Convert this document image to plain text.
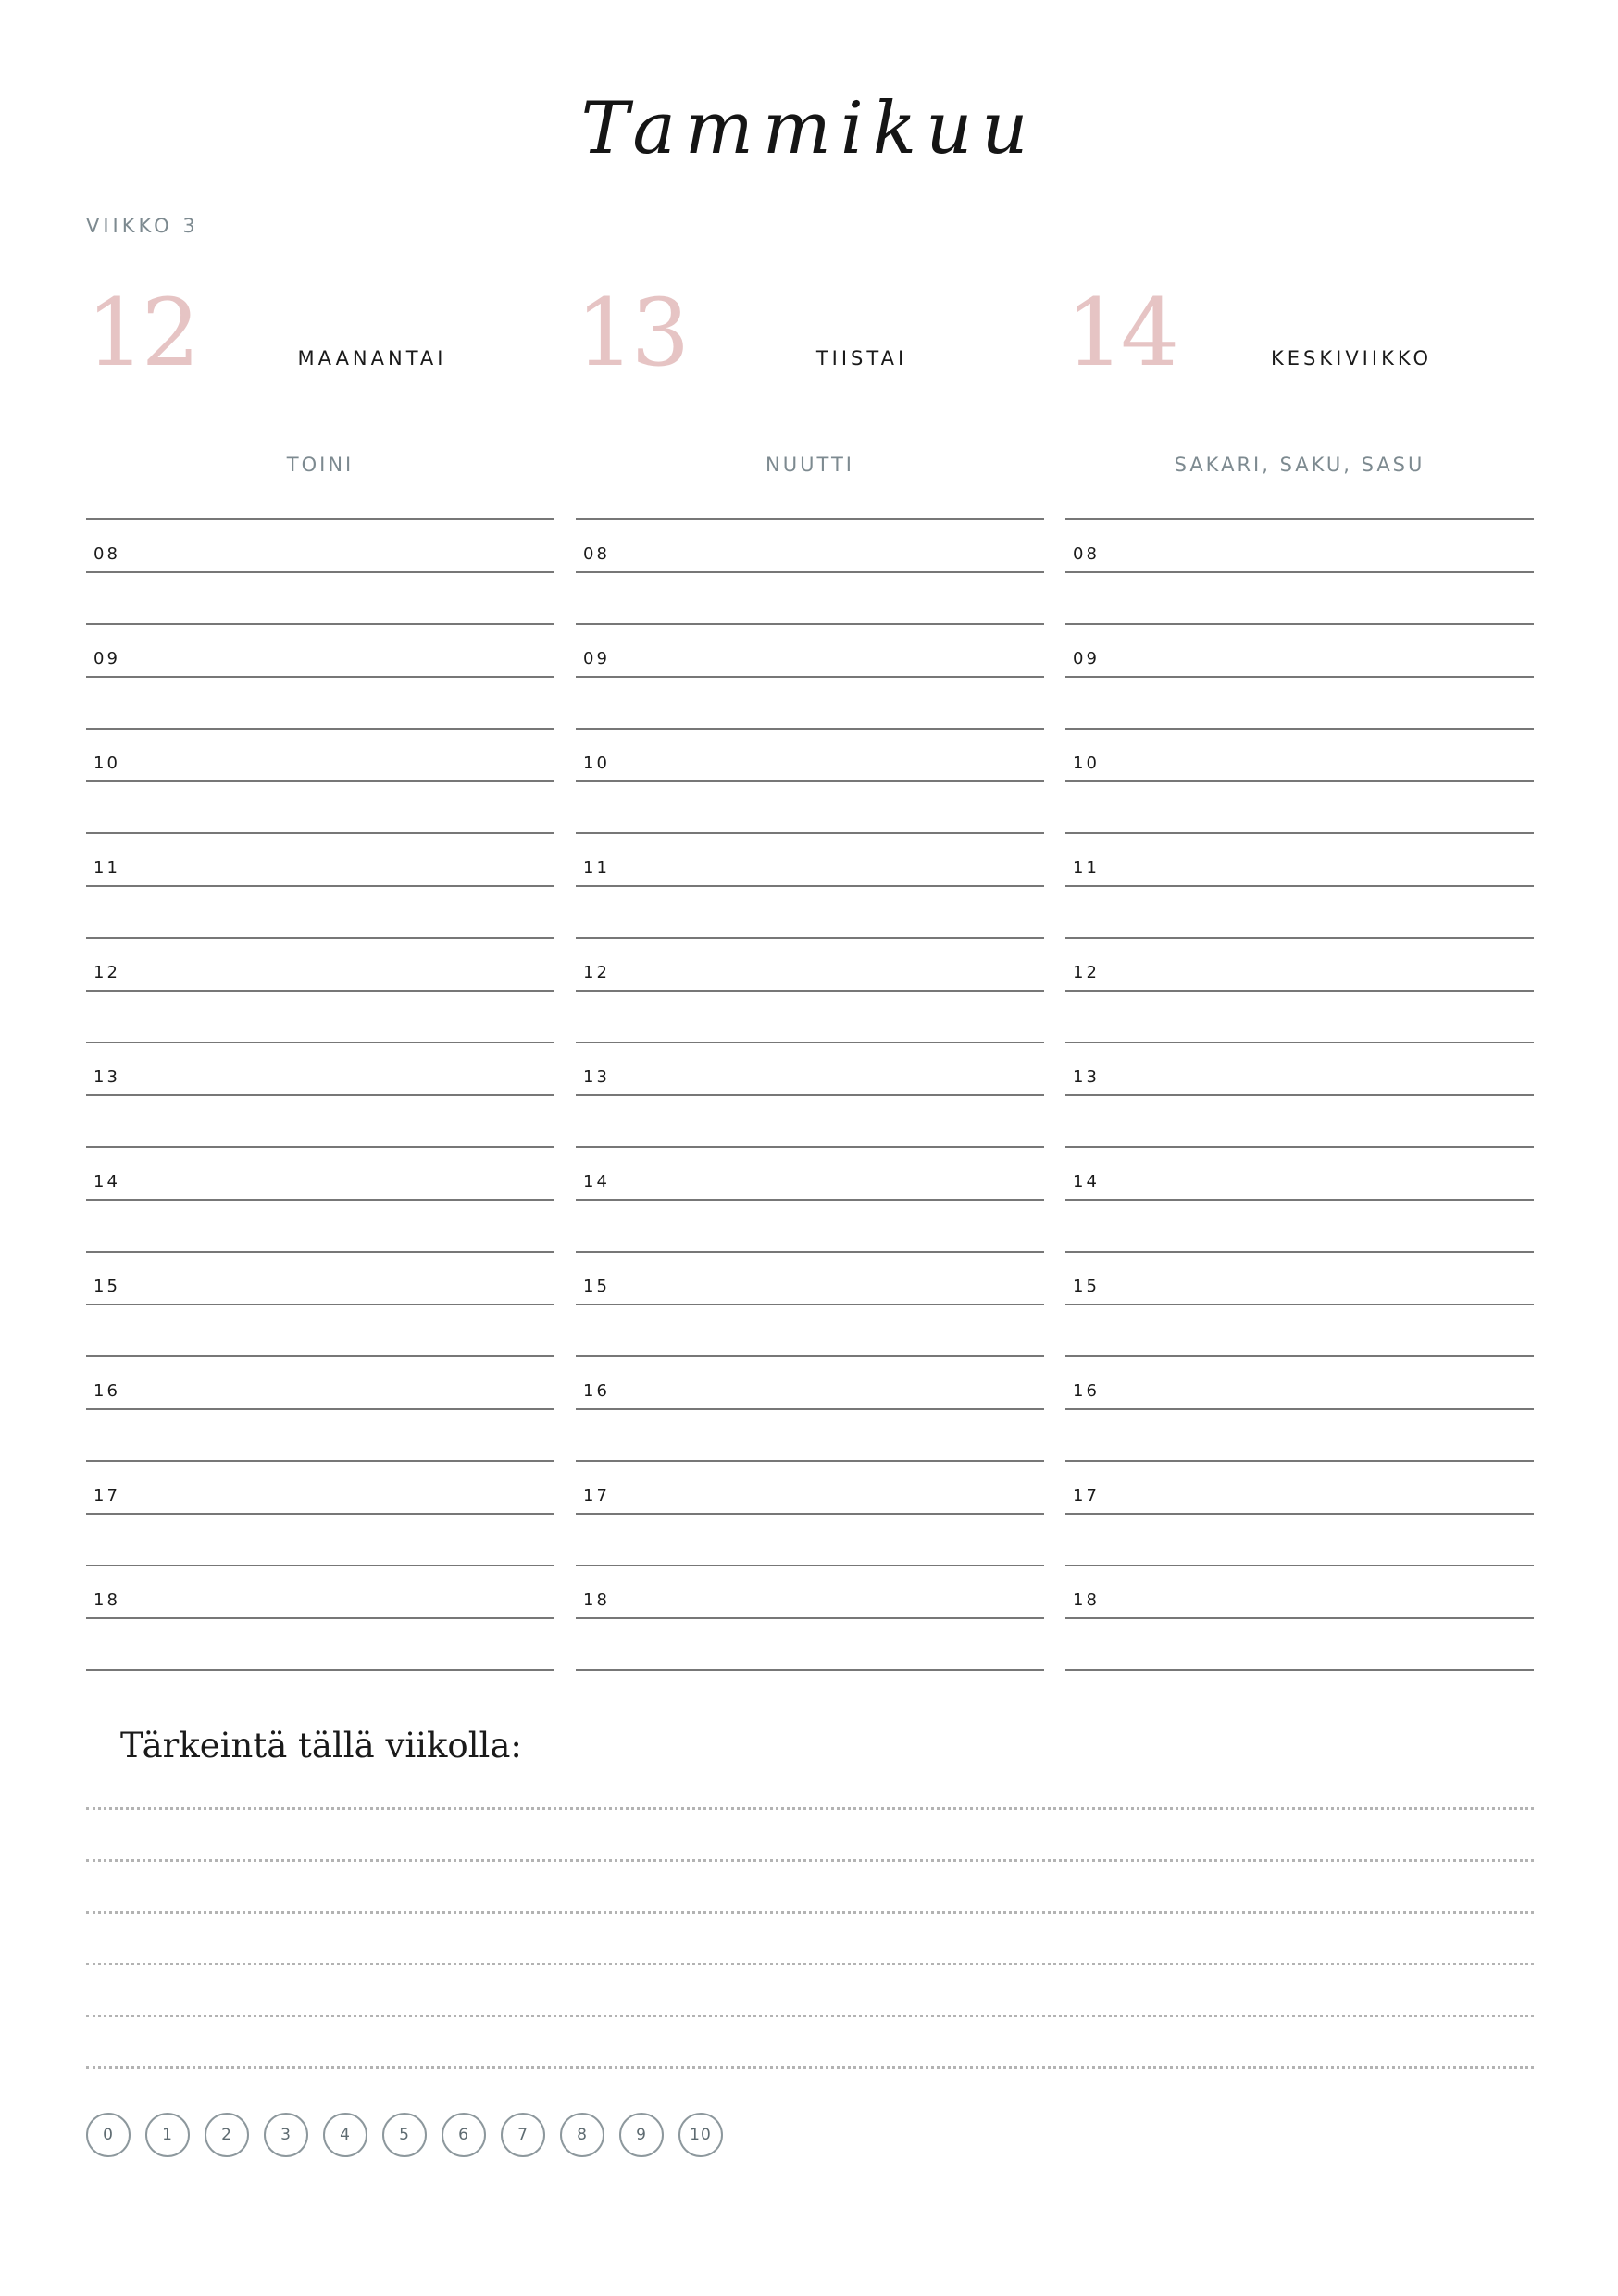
Tammikuu
VIIKKO 3
12	MAANANTAI
TOINI
08
09
10
11
12
13
14
15
16
17
18
13	TIISTAI
NUUTTI
08
09
10
11
12
13
14
15
16
17
18
14	KESKIVIIKKO
SAKARI, SAKU, SASU
08
09
10
11
12
13
14
15
16
17
18
Tärkeintä tällä viikolla:
0	1	2	3	4	5	6	7	8	9	10
